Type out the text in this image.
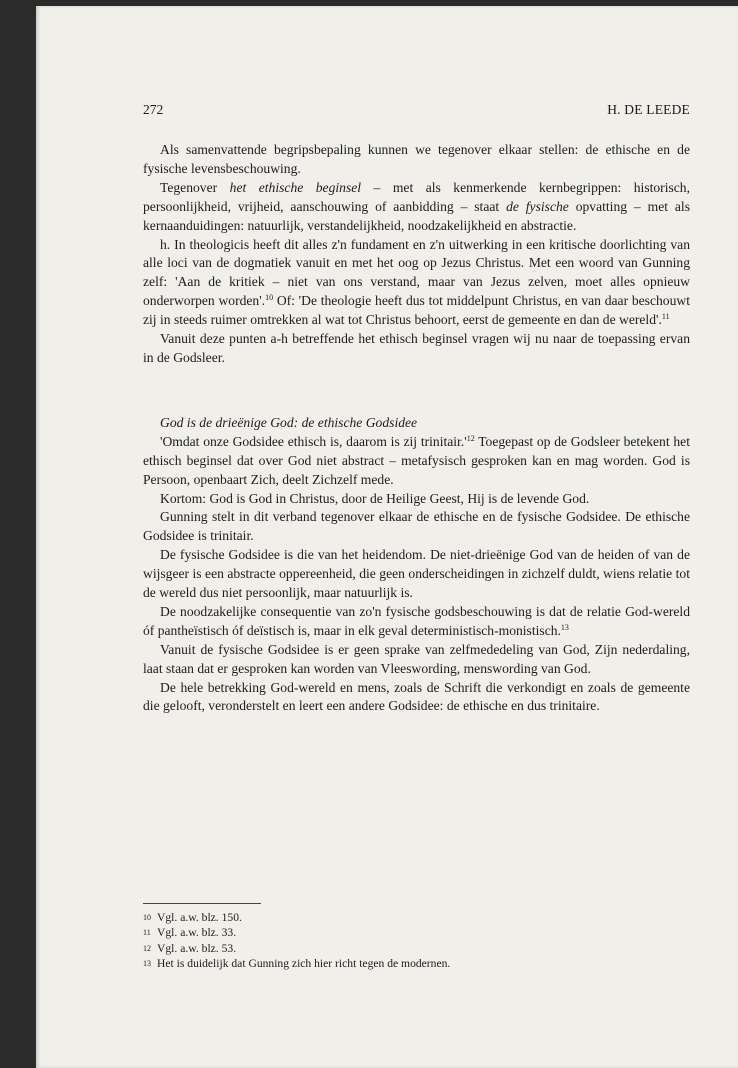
272	H. DE LEEDE

Als samenvattende begripsbepaling kunnen we tegenover elkaar stellen: de ethische en de fysische levensbeschouwing.

Tegenover het ethische beginsel – met als kenmerkende kernbegrippen: historisch, persoonlijkheid, vrijheid, aanschouwing of aanbidding – staat de fysische opvatting – met als kernaanduidingen: natuurlijk, verstandelijkheid, noodzakelijkheid en abstractie.

h. In theologicis heeft dit alles z'n fundament en z'n uitwerking in een kritische doorlichting van alle loci van de dogmatiek vanuit en met het oog op Jezus Christus. Met een woord van Gunning zelf: 'Aan de kritiek – niet van ons verstand, maar van Jezus zelven, moet alles opnieuw onderworpen worden'.$^{10}$ Of: 'De theologie heeft dus tot middelpunt Christus, en van daar beschouwt zij in steeds ruimer omtrekken al wat tot Christus behoort, eerst de gemeente en dan de wereld'.$^{11}$

Vanuit deze punten a-h betreffende het ethisch beginsel vragen wij nu naar de toepassing ervan in de Godsleer.

God is de drieënige God: de ethische Godsidee

'Omdat onze Godsidee ethisch is, daarom is zij $trinitair.'^{12}$ Toegepast op de Godsleer betekent het ethisch beginsel dat over God niet abstract – metafysisch gesproken kan en mag worden. God is Persoon, openbaart Zich, deelt Zichzelf mede.

Kortom: God is God in Christus, door de Heilige Geest, Hij is de levende God.

Gunning stelt in dit verband tegenover elkaar de ethische en de fysische Godsidee. De ethische Godsidee is trinitair.

De fysische Godsidee is die van het heidendom. De niet-drieënige God van de heiden of van de wijsgeer is een abstracte oppereenheid, die geen onderscheidingen in zichzelf duldt, wiens relatie tot de wereld dus niet persoonlijk, maar natuurlijk is.

De noodzakelijke consequentie van zo'n fysische godsbeschouwing is dat de relatie God-wereld óf pantheïstisch óf deïstisch is, maar in elk geval deterministisch-monistisch.$^{13}$

Vanuit de fysische Godsidee is er geen sprake van zelfmededeling van God, Zijn nederdaling, laat staan dat er gesproken kan worden van Vleeswording, menswording van God.

De hele betrekking God-wereld en mens, zoals de Schrift die verkondigt en zoals de gemeente die gelooft, veronderstelt en leert een andere Godsidee: de ethische en dus trinitaire.

10 Vgl. a.w. blz. 150.
11 Vgl. a.w. blz. 33.
12 Vgl. a.w. blz. 53.
13 Het is duidelijk dat Gunning zich hier richt tegen de modernen.
